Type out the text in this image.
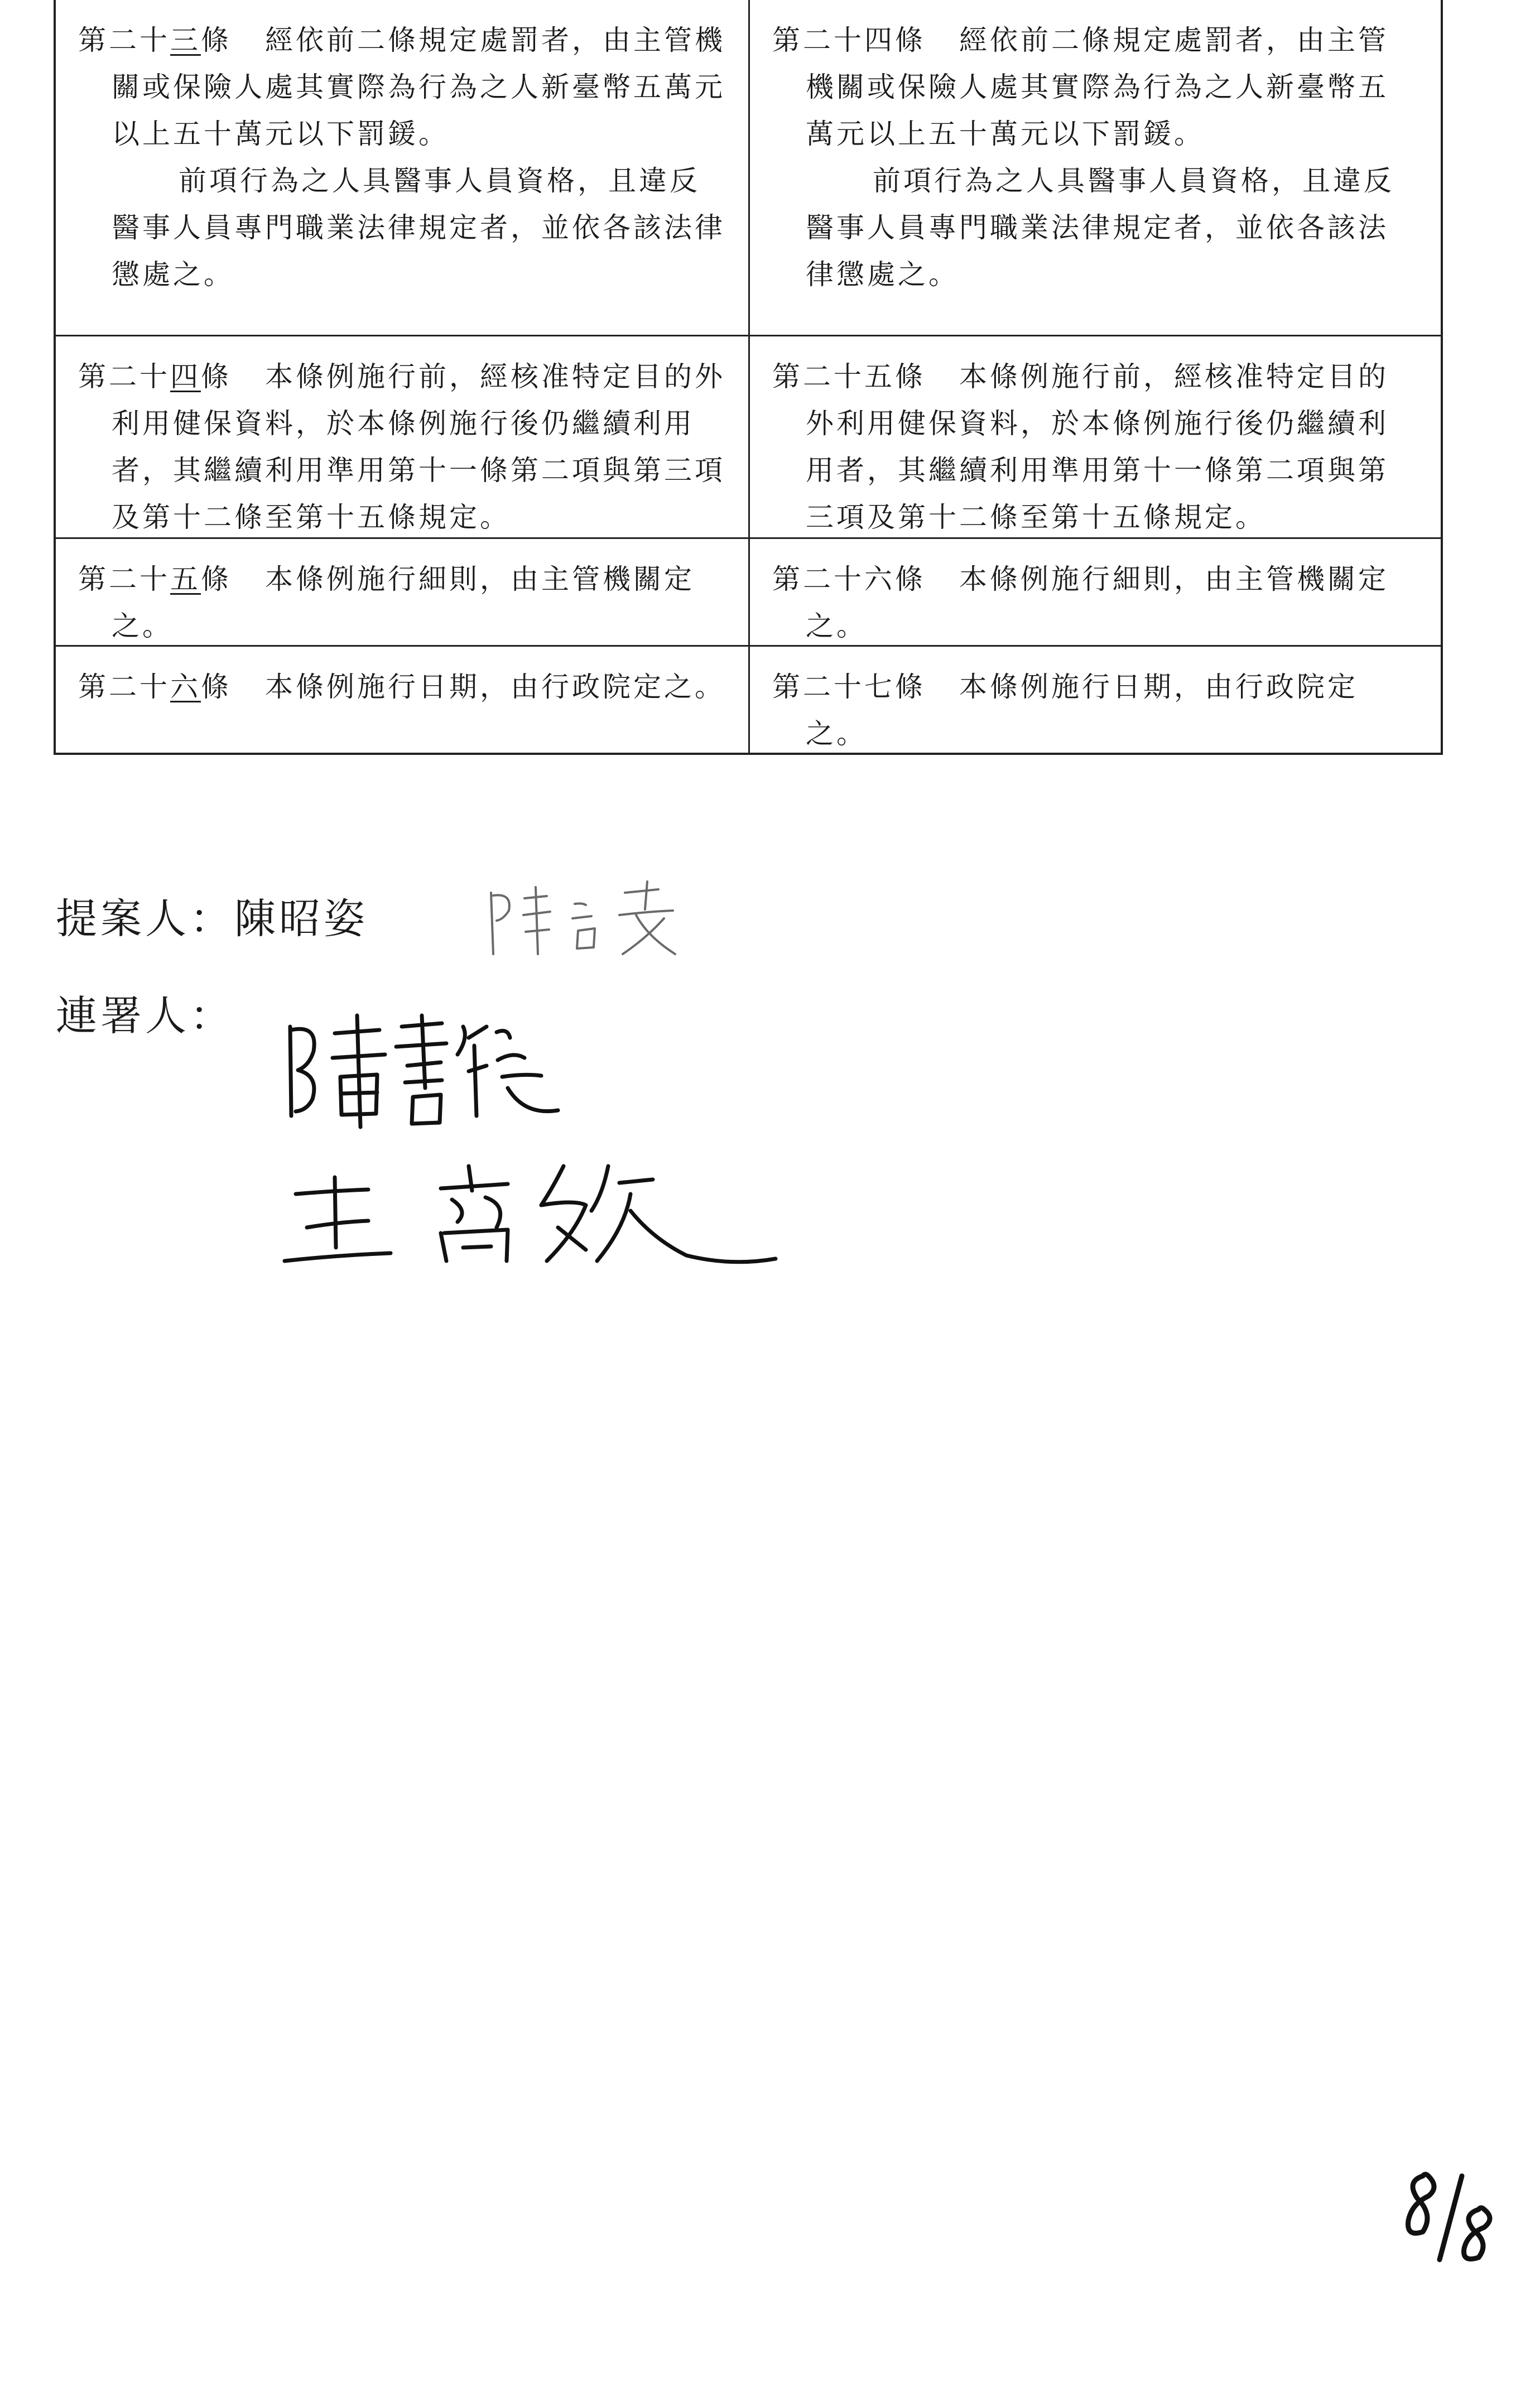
第二十三條 經依前二條規定處罰者，由主管機關或保險人處其實際為行為之人新臺幣五萬元以上五十萬元以下罰鍰。

前項行為之人具醫事人員資格，且違反醫事人員專門職業法律規定者，並依各該法律懲處之。

第二十四條 經依前二條規定處罰者，由主管機關或保險人處其實際為行為之人新臺幣五萬元以上五十萬元以下罰鍰。

前項行為之人具醫事人員資格，且違反醫事人員專門職業法律規定者，並依各該法律懲處之。

第二十四條 本條例施行前，經核准特定目的外利用健保資料，於本條例施行後仍繼續利用者，其繼續利用準用第十一條第二項與第三項及第十二條至第十五條規定。

第二十五條 本條例施行前，經核准特定目的外利用健保資料，於本條例施行後仍繼續利用者，其繼續利用準用第十一條第二項與第三項及第十二條至第十五條規定。

第二十五條 本條例施行細則，由主管機關定之。

第二十六條 本條例施行細則，由主管機關定之。

第二十六條 本條例施行日期，由行政院定之。 第二十七條 本條例施行日期，由行政院定之。

提案人：陳昭姿
連署人：
8/8
